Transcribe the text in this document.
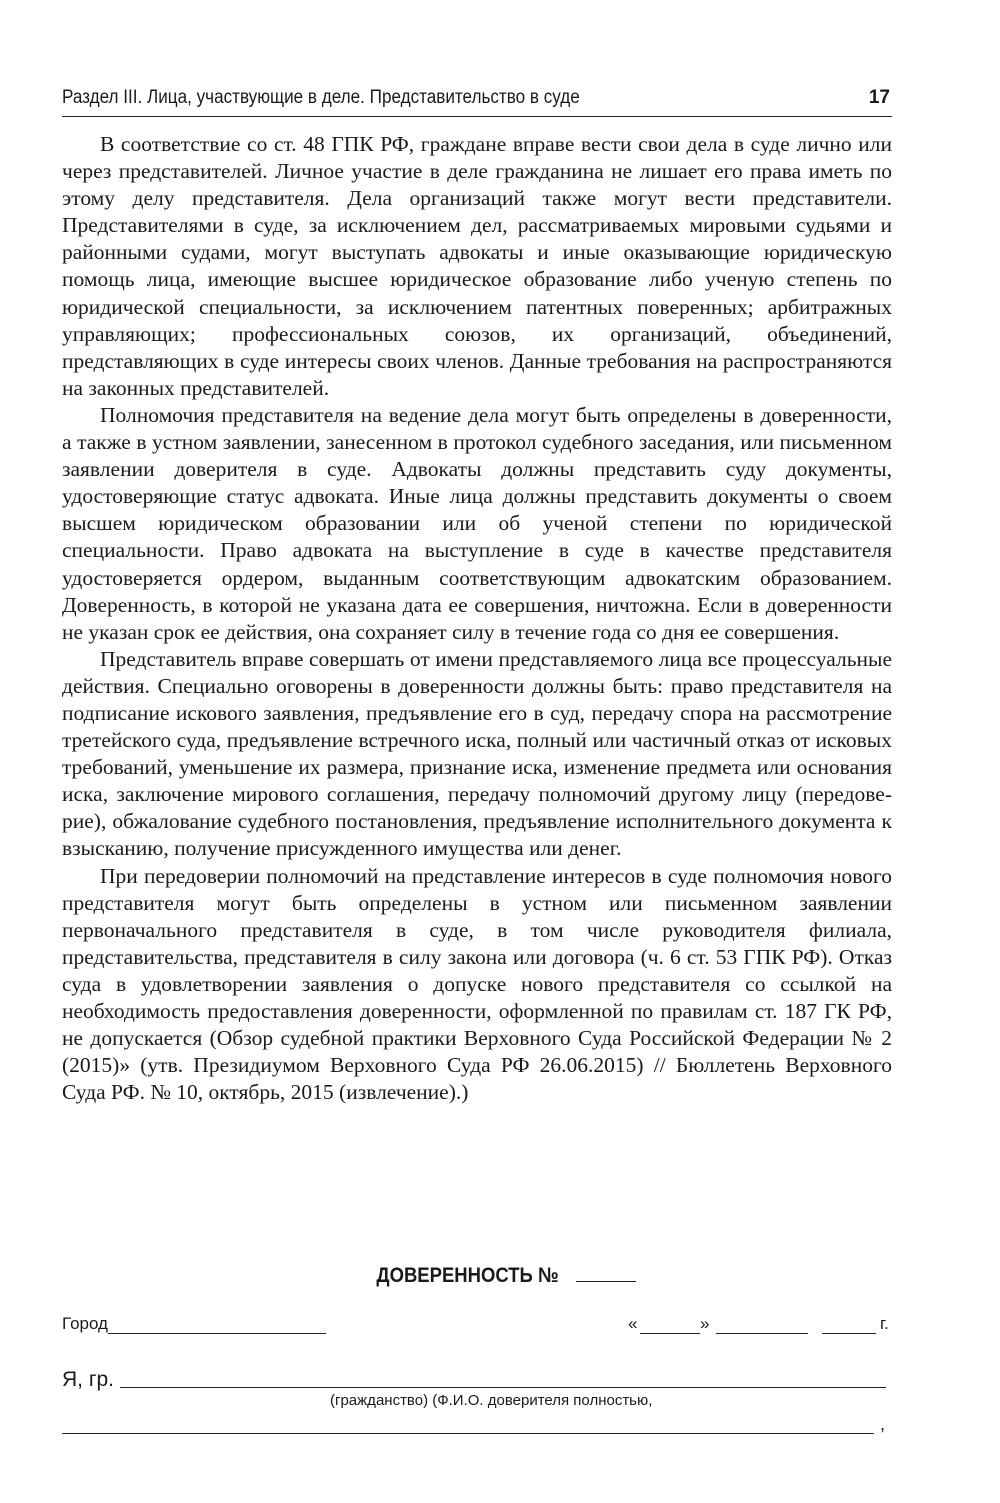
Раздел III. Лица, участвующие в деле. Представительство в суде	17

В соответствие со ст. 48 ГПК РФ, граждане вправе вести свои дела в суде лично или через представителей. Личное участие в деле гражданина не лишает его права иметь по этому делу представителя. Дела организаций также могут вести представители. Представителями в суде, за исключением дел, рассматриваемых мировыми судьями и районными судами, могут выступать адвокаты и иные оказывающие юридическую помощь лица, имеющие высшее юридическое образование либо ученую степень по юридической специальности, за исключением патентных поверенных; арбитражных управляющих; профессиональных союзов, их организаций, объединений, представляющих в суде интересы своих членов. Данные требования на распространяются на законных представителей.

Полномочия представителя на ведение дела могут быть определены в доверенности, а также в устном заявлении, занесенном в протокол судебного заседания, или письменном заявлении доверителя в суде. Адвокаты должны представить суду документы, удостоверяющие статус адвоката. Иные лица должны представить документы о своем высшем юридическом образовании или об ученой степени по юридической специальности. Право адвоката на выступление в суде в качестве представителя удостоверяется ордером, выданным соответствующим адвокатским образованием. Доверенность, в которой не указана дата ее совершения, ничтожна. Если в доверенности не указан срок ее действия, она сохраняет силу в течение года со дня ее совершения.

Представитель вправе совершать от имени представляемого лица все процессуальные действия. Специально оговорены в доверенности должны быть: право представителя на подписание искового заявления, предъявление его в суд, передачу спора на рассмотрение третейского суда, предъявление встречного иска, полный или частичный отказ от исковых требований, уменьшение их размера, признание иска, изменение предмета или основания иска, заключение мирового соглашения, передачу полномочий другому лицу (передоверие), обжалование судебного постановления, предъявление исполнительного документа к взысканию, получение присужденного имущества или денег.

При передоверии полномочий на представление интересов в суде полномочия нового представителя могут быть определены в устном или письменном заявлении первоначального представителя в суде, в том числе руководителя филиала, представительства, представителя в силу закона или договора (ч. 6 ст. 53 ГПК РФ). Отказ суда в удовлетворении заявления о допуске нового представителя со ссылкой на необходимость предоставления доверенности, оформленной по правилам ст. 187 ГК РФ, не допускается (Обзор судебной практики Верховного Суда Российской Федерации № 2 (2015)» (утв. Президиумом Верховного Суда РФ 26.06.2015) // Бюллетень Верховного Суда РФ. № 10, октябрь, 2015 (извлечение).)

ДОВЕРЕННОСТЬ №
Город	«	»	г.
Я, гр.
(гражданство) (Ф.И.О. доверителя полностью,
,
